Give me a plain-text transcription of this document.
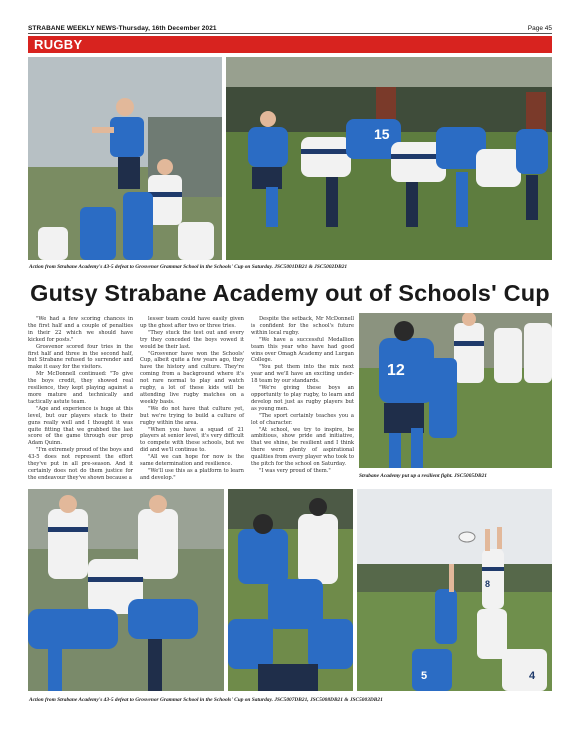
STRABANE WEEKLY NEWS-Thursday, 16th December 2021	Page 45
RUGBY
15
Action from Strabane Academy's 43-5 defeat to Grosvenor Grammar School in the Schools' Cup on Saturday. JSC5001DB21 & JSC5002DB21
Gutsy Strabane Academy out of Schools' Cup

"We had a few scoring chances in the first half and a couple of penalties in their 22 which we should have kicked for posts."

Grosvenor scored four tries in the first half and three in the second half, but Strabane refused to surrender and make it easy for the visitors.

Mr McDonnell continued: "To give the boys credit, they showed real resilience, they kept playing against a more mature and technically and tactically astute team.

"Age and experience is huge at this level, but our players stuck to their guns really well and I thought it was quite fitting that we grabbed the last score of the game through our prop Adam Quinn.

"I'm extremely proud of the boys and 43-5 does not represent the effort they've put in all pre-season. And it certainly does not do them justice for the endeavour they've shown because a

lesser team could have easily given up the ghost after two or three tries.

"They stuck the test out and every try they conceded the boys vowed it would be their last.

"Grosvenor have won the Schools' Cup, albeit quite a few years ago, they have the history and culture. They're coming from a background where it's not rare normal to play and watch rugby, a lot of these kids will be attending live rugby matches on a weekly basis.

"We do not have that culture yet, but we're trying to build a culture of rugby within the area.

"When you have a squad of 21 players at senior level, it's very difficult to compete with these schools, but we did and we'll continue to.

"All we can hope for now is the same determination and resilience.

"We'll use this as a platform to learn and develop."

Despite the setback, Mr McDonnell is confident for the school's future within local rugby.

"We have a successful Medallion team this year who have had good wins over Omagh Academy and Lurgan College.

"You put them into the mix next year and we'll have an exciting under-18 team by our standards.

"We're giving these boys an opportunity to play rugby, to learn and develop not just as rugby players but as young men.

"The sport certainly teaches you a lot of character.

"At school, we try to inspire, be ambitious, show pride and initiative, that we shine, be resilient and I think there were plenty of aspirational qualities from every player who took to the pitch for the school on Saturday.

"I was very proud of them."

12
Strabane Academy put up a resilient fight. JSC5005DB21
8
5	4
Action from Strabane Academy's 43-5 defeat to Grosvenor Grammar School in the Schools' Cup on Saturday. JSC5007DB21, JSC5008DB21 & JSC5003DB21
